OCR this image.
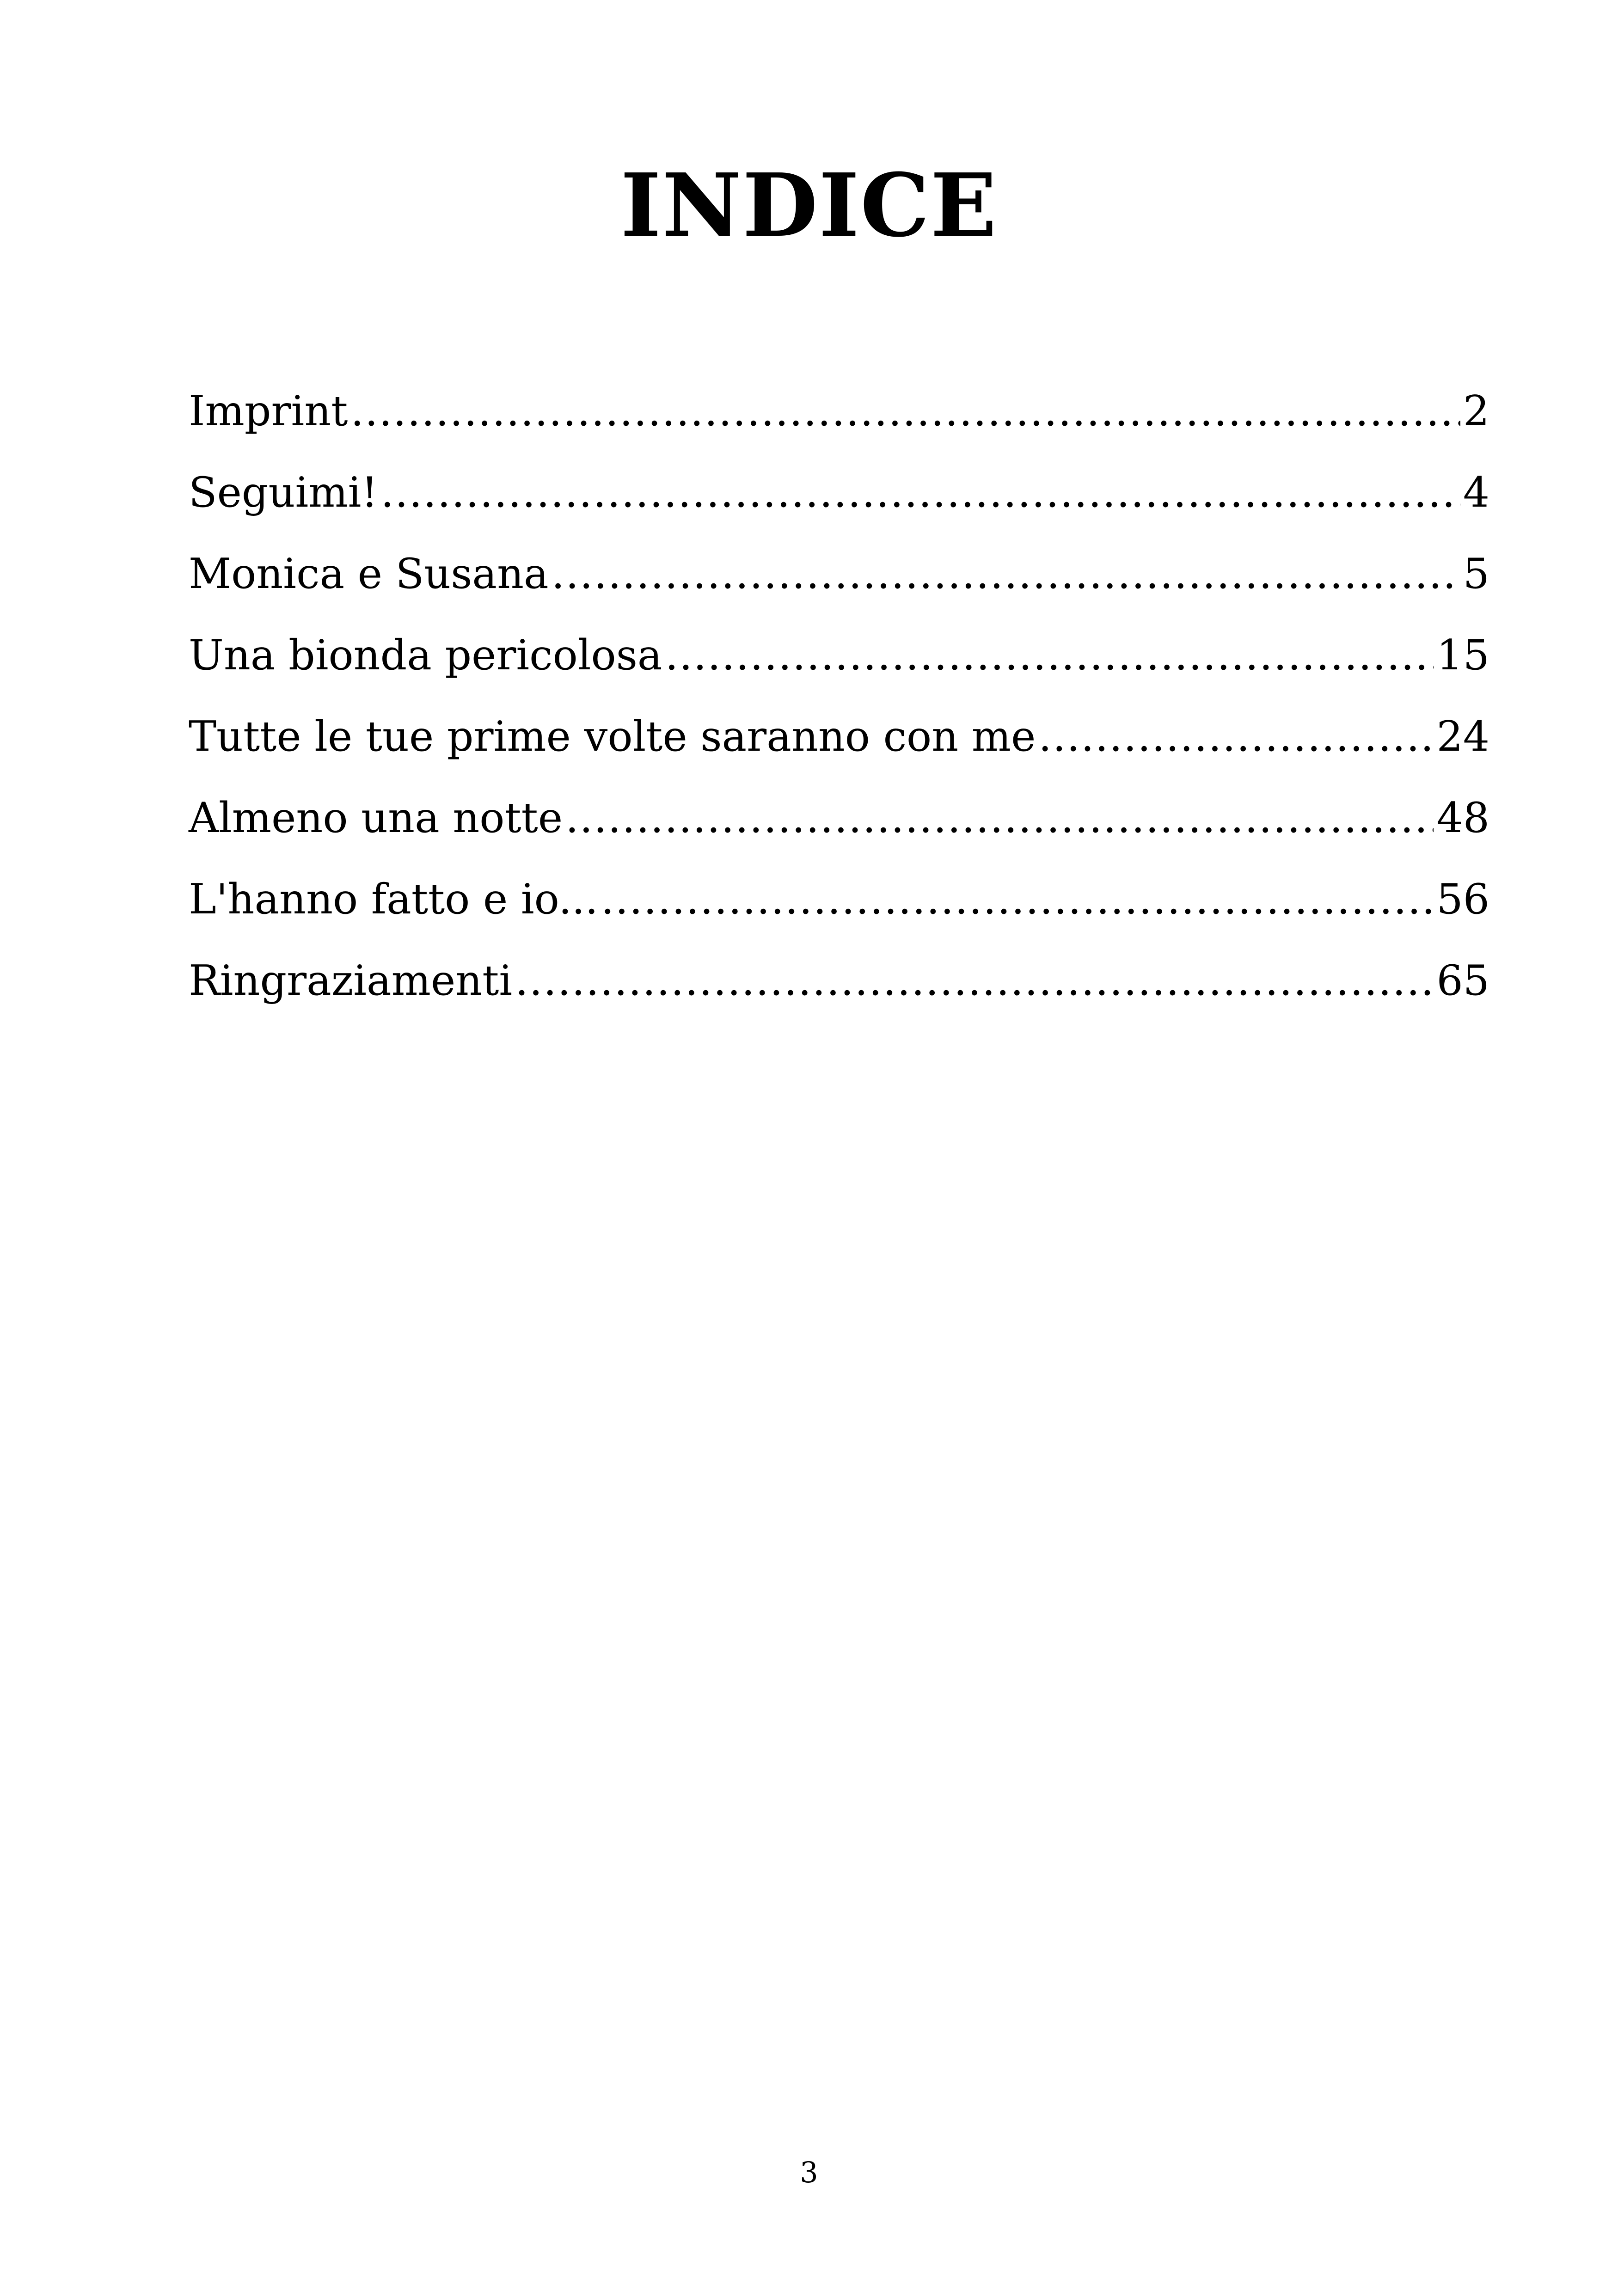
INDICE
Imprint .....	2
Seguimi! .....	4
Monica e Susana .....	5
Una bionda pericolosa .....	15
Tutte le tue prime volte saranno con me .....	24
Almeno una notte .....	48
L'hanno fatto e io... .....	56
Ringraziamenti .....	65
3
